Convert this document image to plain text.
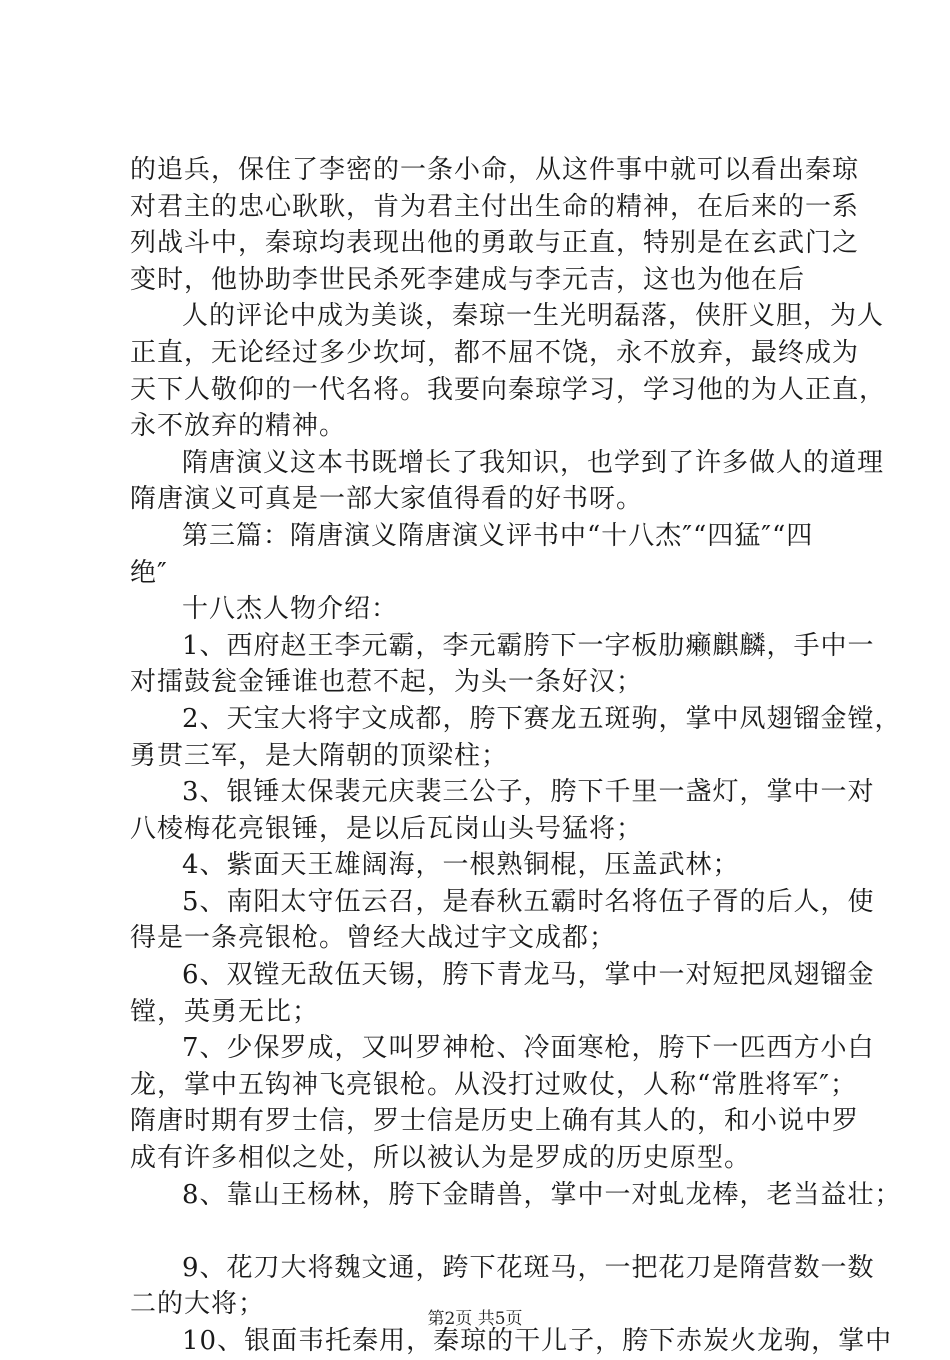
的追兵，保住了李密的一条小命，从这件事中就可以看出秦琼
对君主的忠心耿耿，肯为君主付出生命的精神，在后来的一系
列战斗中，秦琼均表现出他的勇敢与正直，特别是在玄武门之
变时，他协助李世民杀死李建成与李元吉，这也为他在后
人的评论中成为美谈，秦琼一生光明磊落，侠肝义胆，为人
正直，无论经过多少坎坷，都不屈不饶，永不放弃，最终成为
天下人敬仰的一代名将。我要向秦琼学习，学习他的为人正直，
永不放弃的精神。
隋唐演义这本书既增长了我知识，也学到了许多做人的道理
隋唐演义可真是一部大家值得看的好书呀。
第三篇：隋唐演义隋唐演义评书中“十八杰″“四猛″“四
绝″
十八杰人物介绍：
1、西府赵王李元霸，李元霸胯下一字板肋癞麒麟，手中一
对擂鼓瓮金锤谁也惹不起，为头一条好汉；
2、天宝大将宇文成都，胯下赛龙五斑驹，掌中凤翅镏金镗，
勇贯三军，是大隋朝的顶梁柱；
3、银锤太保裴元庆裴三公子，胯下千里一盏灯，掌中一对
八棱梅花亮银锤，是以后瓦岗山头号猛将；
4、紫面天王雄阔海，一根熟铜棍，压盖武林；
5、南阳太守伍云召，是春秋五霸时名将伍子胥的后人，使
得是一条亮银枪。曾经大战过宇文成都；
6、双镗无敌伍天锡，胯下青龙马，掌中一对短把凤翅镏金
镗，英勇无比；
7、少保罗成，又叫罗神枪、冷面寒枪，胯下一匹西方小白
龙，掌中五钩神飞亮银枪。从没打过败仗，人称“常胜将军″；
隋唐时期有罗士信，罗士信是历史上确有其人的，和小说中罗
成有许多相似之处，所以被认为是罗成的历史原型。
8、靠山王杨林，胯下金睛兽，掌中一对虬龙棒，老当益壮；
9、花刀大将魏文通，跨下花斑马，一把花刀是隋营数一数
二的大将；
10、银面韦托秦用，秦琼的干儿子，胯下赤炭火龙驹，掌中
第2页 共5页
